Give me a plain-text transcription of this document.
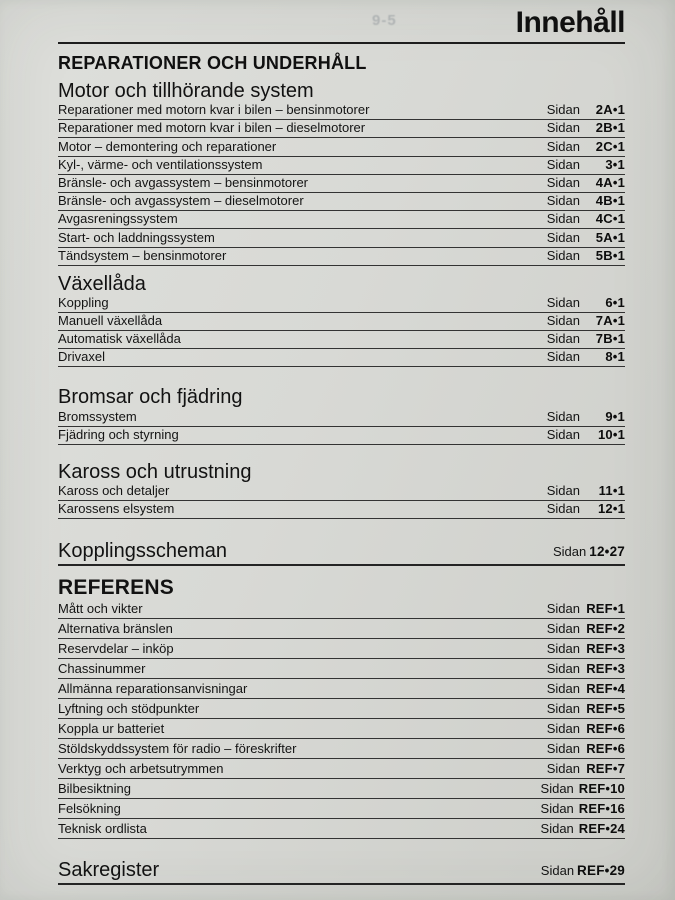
9-5	Innehåll
REPARATIONER OCH UNDERHÅLL
Motor och tillhörande system
Reparationer med motorn kvar i bilen – bensinmotorer	Sidan	2A•1
Reparationer med motorn kvar i bilen – dieselmotorer	Sidan	2B•1
Motor – demontering och reparationer	Sidan	2C•1
Kyl-, värme- och ventilationssystem	Sidan	3•1
Bränsle- och avgassystem – bensinmotorer	Sidan	4A•1
Bränsle- och avgassystem – dieselmotorer	Sidan	4B•1
Avgasreningssystem	Sidan	4C•1
Start- och laddningssystem	Sidan	5A•1
Tändsystem – bensinmotorer	Sidan	5B•1
Växellåda
Koppling	Sidan	6•1
Manuell växellåda	Sidan	7A•1
Automatisk växellåda	Sidan	7B•1
Drivaxel	Sidan	8•1
Bromsar och fjädring
Bromssystem	Sidan	9•1
Fjädring och styrning	Sidan	10•1
Kaross och utrustning
Kaross och detaljer	Sidan	11•1
Karossens elsystem	Sidan	12•1
Kopplingsscheman	Sidan 12•27
REFERENS
Mått och vikter	Sidan REF•1
Alternativa bränslen	Sidan REF•2
Reservdelar – inköp	Sidan REF•3
Chassinummer	Sidan REF•3
Allmänna reparationsanvisningar	Sidan REF•4
Lyftning och stödpunkter	Sidan REF•5
Koppla ur batteriet	Sidan REF•6
Stöldskyddssystem för radio – föreskrifter	Sidan REF•6
Verktyg och arbetsutrymmen	Sidan REF•7
Bilbesiktning	Sidan REF•10
Felsökning	Sidan REF•16
Teknisk ordlista	Sidan REF•24
Sakregister	Sidan REF•29
